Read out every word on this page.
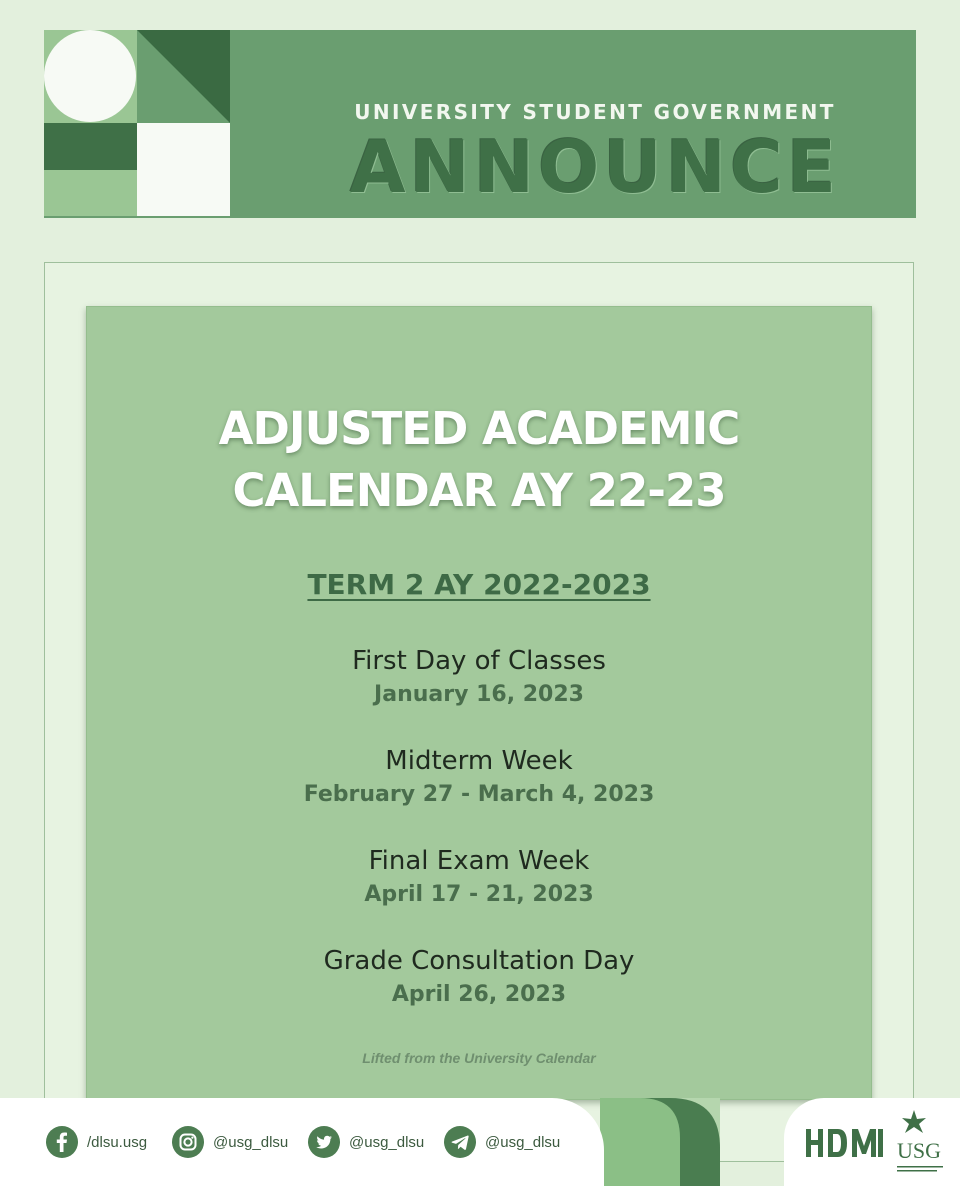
UNIVERSITY STUDENT GOVERNMENT
ANNOUNCE
ADJUSTED ACADEMIC
CALENDAR AY 22-23
TERM 2 AY 2022-2023
First Day of Classes
January 16, 2023
Midterm Week
February 27 - March 4, 2023
Final Exam Week
April 17 - 21, 2023
Grade Consultation Day
April 26, 2023
Lifted from the University Calendar
/dlsu.usg	@usg_dlsu	@usg_dlsu	@usg_dlsu	USG
